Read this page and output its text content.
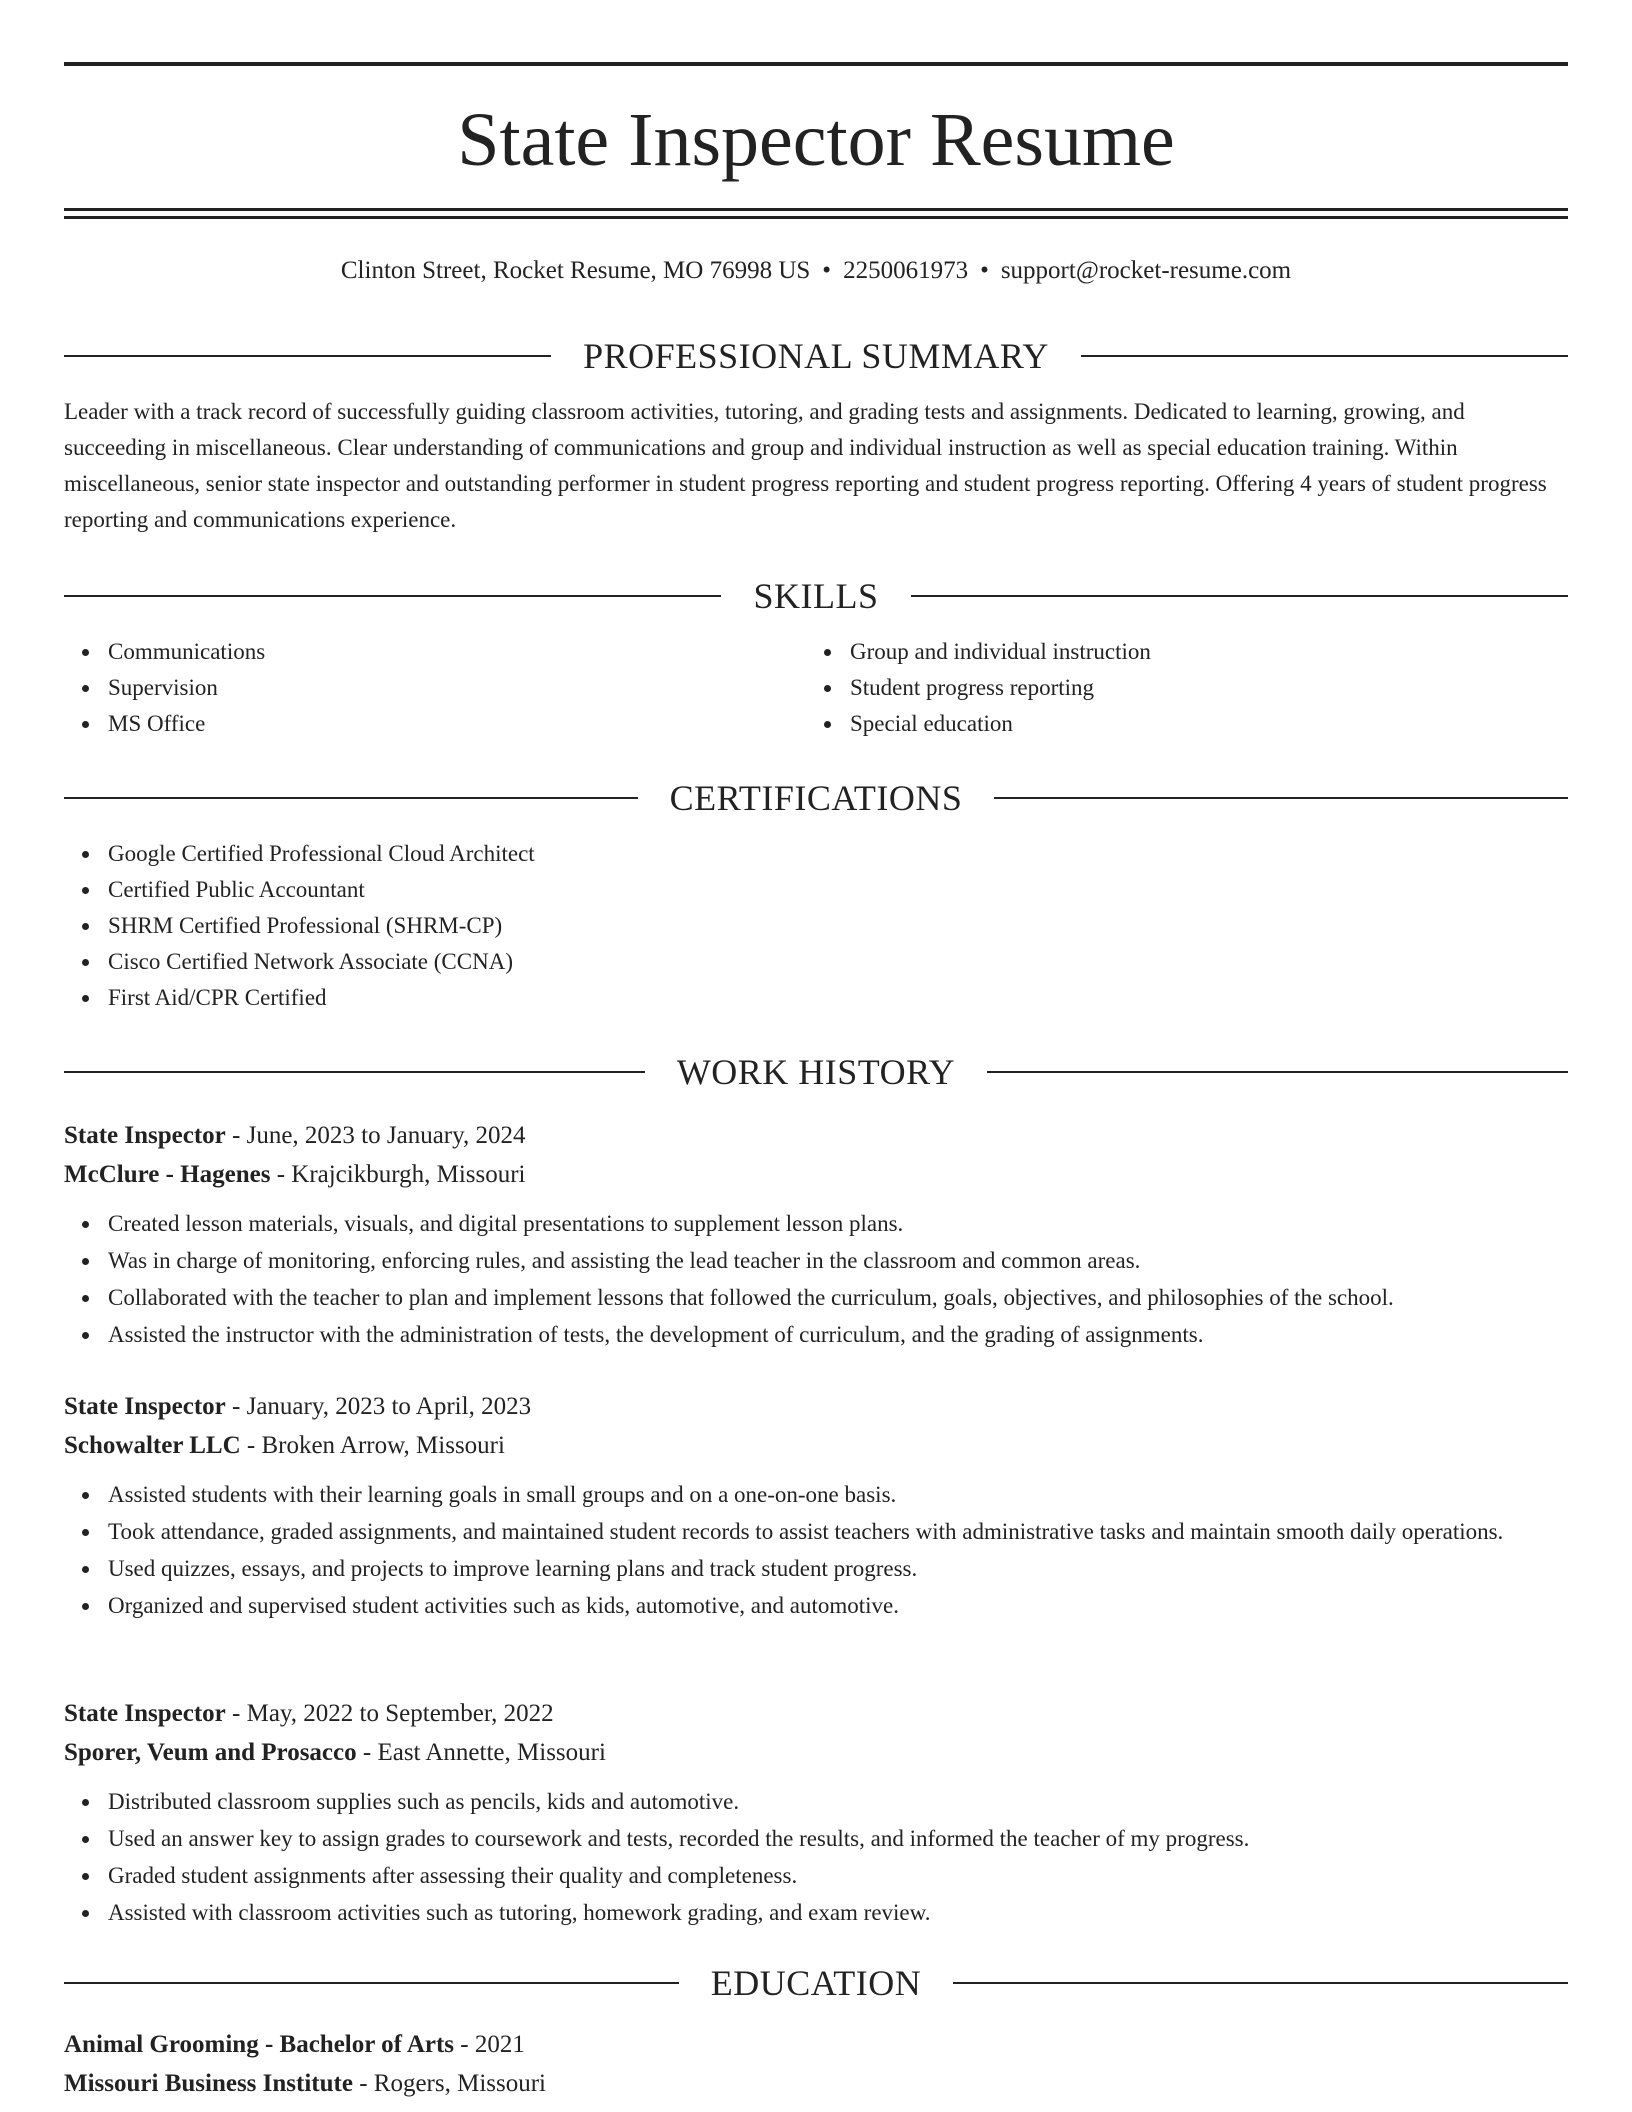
State Inspector Resume
Clinton Street, Rocket Resume, MO 76998 US • 2250061973 • support@rocket-resume.com
PROFESSIONAL SUMMARY

Leader with a track record of successfully guiding classroom activities, tutoring, and grading tests and assignments. Dedicated to learning, growing, and succeeding in miscellaneous. Clear understanding of communications and group and individual instruction as well as special education training. Within miscellaneous, senior state inspector and outstanding performer in student progress reporting and student progress reporting. Offering 4 years of student progress reporting and communications experience.

SKILLS
Communications
Supervision
MS Office
Group and individual instruction
Student progress reporting
Special education
CERTIFICATIONS
Google Certified Professional Cloud Architect
Certified Public Accountant
SHRM Certified Professional (SHRM-CP)
Cisco Certified Network Associate (CCNA)
First Aid/CPR Certified
WORK HISTORY
State Inspector - June, 2023 to January, 2024
McClure - Hagenes - Krajcikburgh, Missouri
Created lesson materials, visuals, and digital presentations to supplement lesson plans.
Was in charge of monitoring, enforcing rules, and assisting the lead teacher in the classroom and common areas.
Collaborated with the teacher to plan and implement lessons that followed the curriculum, goals, objectives, and philosophies of the school.
Assisted the instructor with the administration of tests, the development of curriculum, and the grading of assignments.
State Inspector - January, 2023 to April, 2023
Schowalter LLC - Broken Arrow, Missouri
Assisted students with their learning goals in small groups and on a one-on-one basis.
Took attendance, graded assignments, and maintained student records to assist teachers with administrative tasks and maintain smooth daily operations.
Used quizzes, essays, and projects to improve learning plans and track student progress.
Organized and supervised student activities such as kids, automotive, and automotive.
State Inspector - May, 2022 to September, 2022
Sporer, Veum and Prosacco - East Annette, Missouri
Distributed classroom supplies such as pencils, kids and automotive.
Used an answer key to assign grades to coursework and tests, recorded the results, and informed the teacher of my progress.
Graded student assignments after assessing their quality and completeness.
Assisted with classroom activities such as tutoring, homework grading, and exam review.
EDUCATION
Animal Grooming - Bachelor of Arts - 2021
Missouri Business Institute - Rogers, Missouri
